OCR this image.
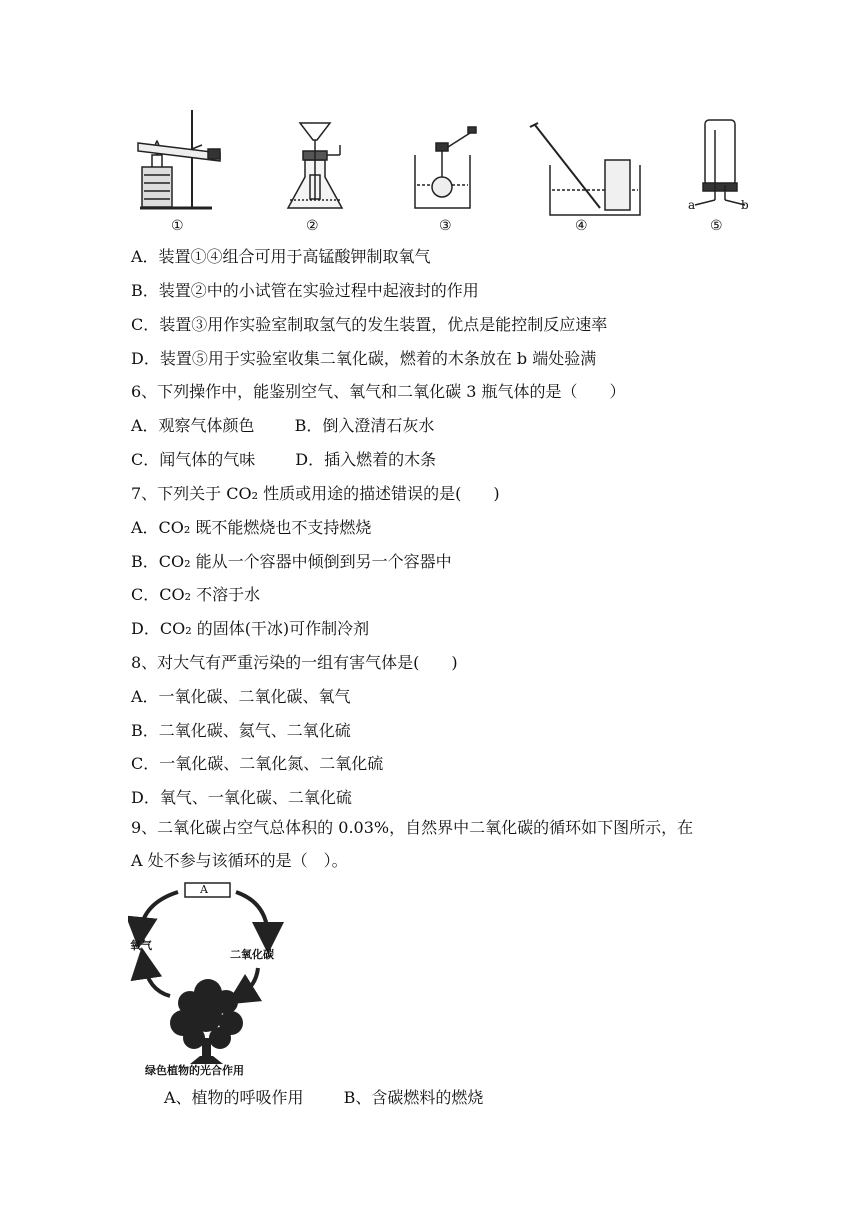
①	②	③	④	⑤
a	b
A．装置①④组合可用于高锰酸钾制取氧气
B．装置②中的小试管在实验过程中起液封的作用
C．装置③用作实验室制取氢气的发生装置，优点是能控制反应速率
D．装置⑤用于实验室收集二氧化碳，燃着的木条放在 b 端处验满
6、下列操作中，能鉴别空气、氧气和二氧化碳 3 瓶气体的是（　　）
A．观察气体颜色	B．倒入澄清石灰水
C．闻气体的气味	D．插入燃着的木条
7、下列关于 CO₂ 性质或用途的描述错误的是(　　)
A．CO₂ 既不能燃烧也不支持燃烧
B．CO₂ 能从一个容器中倾倒到另一个容器中
C．CO₂ 不溶于水
D．CO₂ 的固体(干冰)可作制冷剂
8、对大气有严重污染的一组有害气体是(　　)
A．一氧化碳、二氧化碳、氧气
B．二氧化碳、氦气、二氧化硫
C．一氧化碳、二氧化氮、二氧化硫
D．氧气、一氧化碳、二氧化硫
9、二氧化碳占空气总体积的 0.03%，自然界中二氧化碳的循环如下图所示，在
A 处不参与该循环的是（　）。
A
氧气
二氧化碳
绿色植物的光合作用
A、植物的呼吸作用	B、含碳燃料的燃烧
